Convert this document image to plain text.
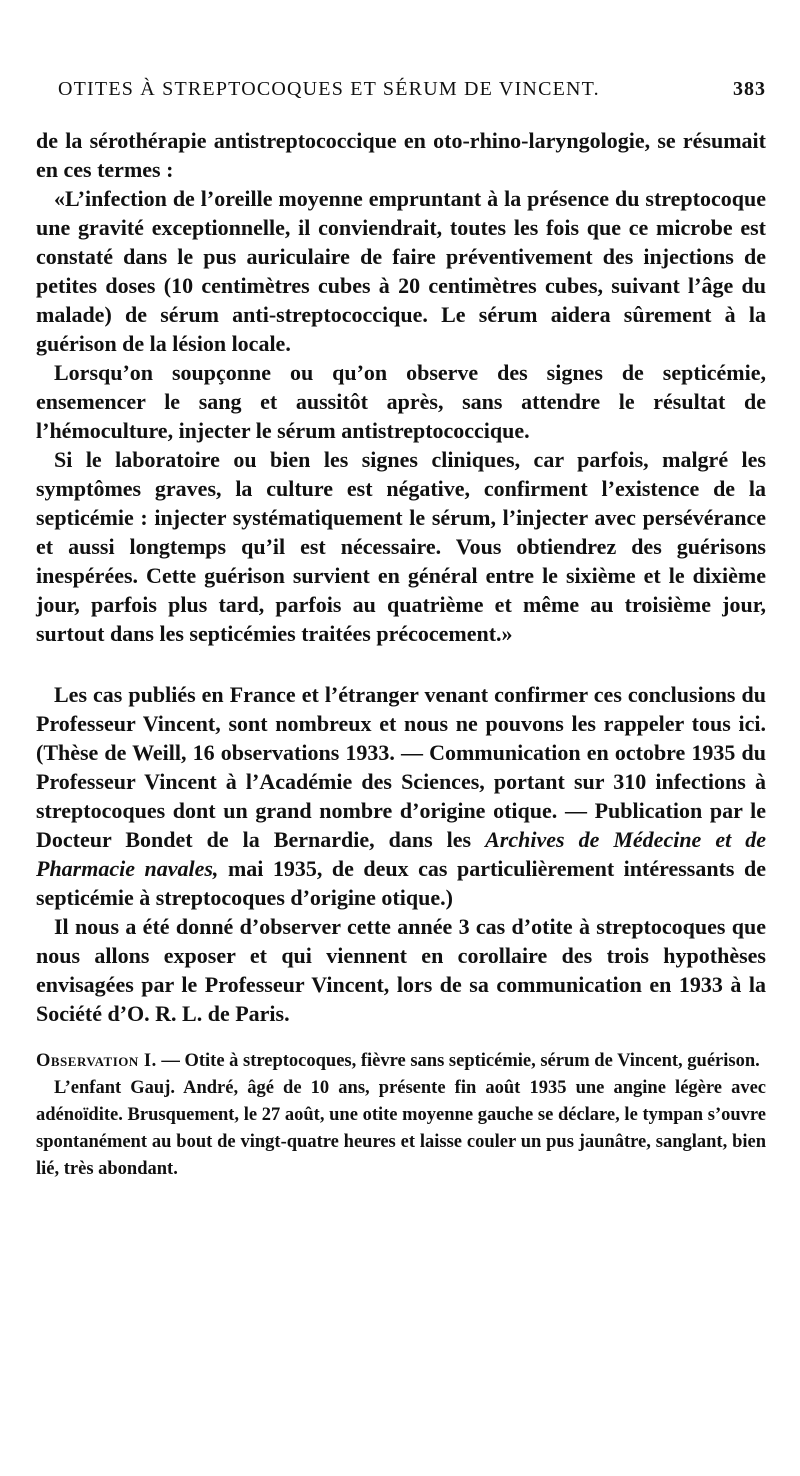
OTITES À STREPTOCOQUES ET SÉRUM DE VINCENT.	383

de la sérothérapie antistreptococcique en oto-rhino-laryngologie, se résumait en ces termes :

«L’infection de l’oreille moyenne empruntant à la présence du streptocoque une gravité exceptionnelle, il conviendrait, toutes les fois que ce microbe est constaté dans le pus auriculaire de faire préventivement des injections de petites doses (10 centimètres cubes à 20 centimètres cubes, suivant l’âge du malade) de sérum anti-streptococcique. Le sérum aidera sûrement à la guérison de la lésion locale.

Lorsqu’on soupçonne ou qu’on observe des signes de septicémie, ensemencer le sang et aussitôt après, sans attendre le résultat de l’hémoculture, injecter le sérum antistreptococcique.

Si le laboratoire ou bien les signes cliniques, car parfois, malgré les symptômes graves, la culture est négative, confirment l’existence de la septicémie : injecter systématiquement le sérum, l’injecter avec persévérance et aussi longtemps qu’il est nécessaire. Vous obtiendrez des guérisons inespérées. Cette guérison survient en général entre le sixième et le dixième jour, parfois plus tard, parfois au quatrième et même au troisième jour, surtout dans les septicémies traitées précocement.»

Les cas publiés en France et l’étranger venant confirmer ces conclusions du Professeur Vincent, sont nombreux et nous ne pouvons les rappeler tous ici. (Thèse de Weill, 16 observations 1933. — Communication en octobre 1935 du Professeur Vincent à l’Académie des Sciences, portant sur 310 infections à streptocoques dont un grand nombre d’origine otique. — Publication par le Docteur Bondet de la Bernardie, dans les Archives de Médecine et de Pharmacie navales, mai 1935, de deux cas particulièrement intéressants de septicémie à streptocoques d’origine otique.)

Il nous a été donné d’observer cette année 3 cas d’otite à streptocoques que nous allons exposer et qui viennent en corollaire des trois hypothèses envisagées par le Professeur Vincent, lors de sa communication en 1933 à la Société d’O. R. L. de Paris.

Observation I. — Otite à streptocoques, fièvre sans septicémie, sérum de Vincent, guérison.

L’enfant Gauj. André, âgé de 10 ans, présente fin août 1935 une angine légère avec adénoïdite. Brusquement, le 27 août, une otite moyenne gauche se déclare, le tympan s’ouvre spontanément au bout de vingt-quatre heures et laisse couler un pus jaunâtre, sanglant, bien lié, très abondant.
